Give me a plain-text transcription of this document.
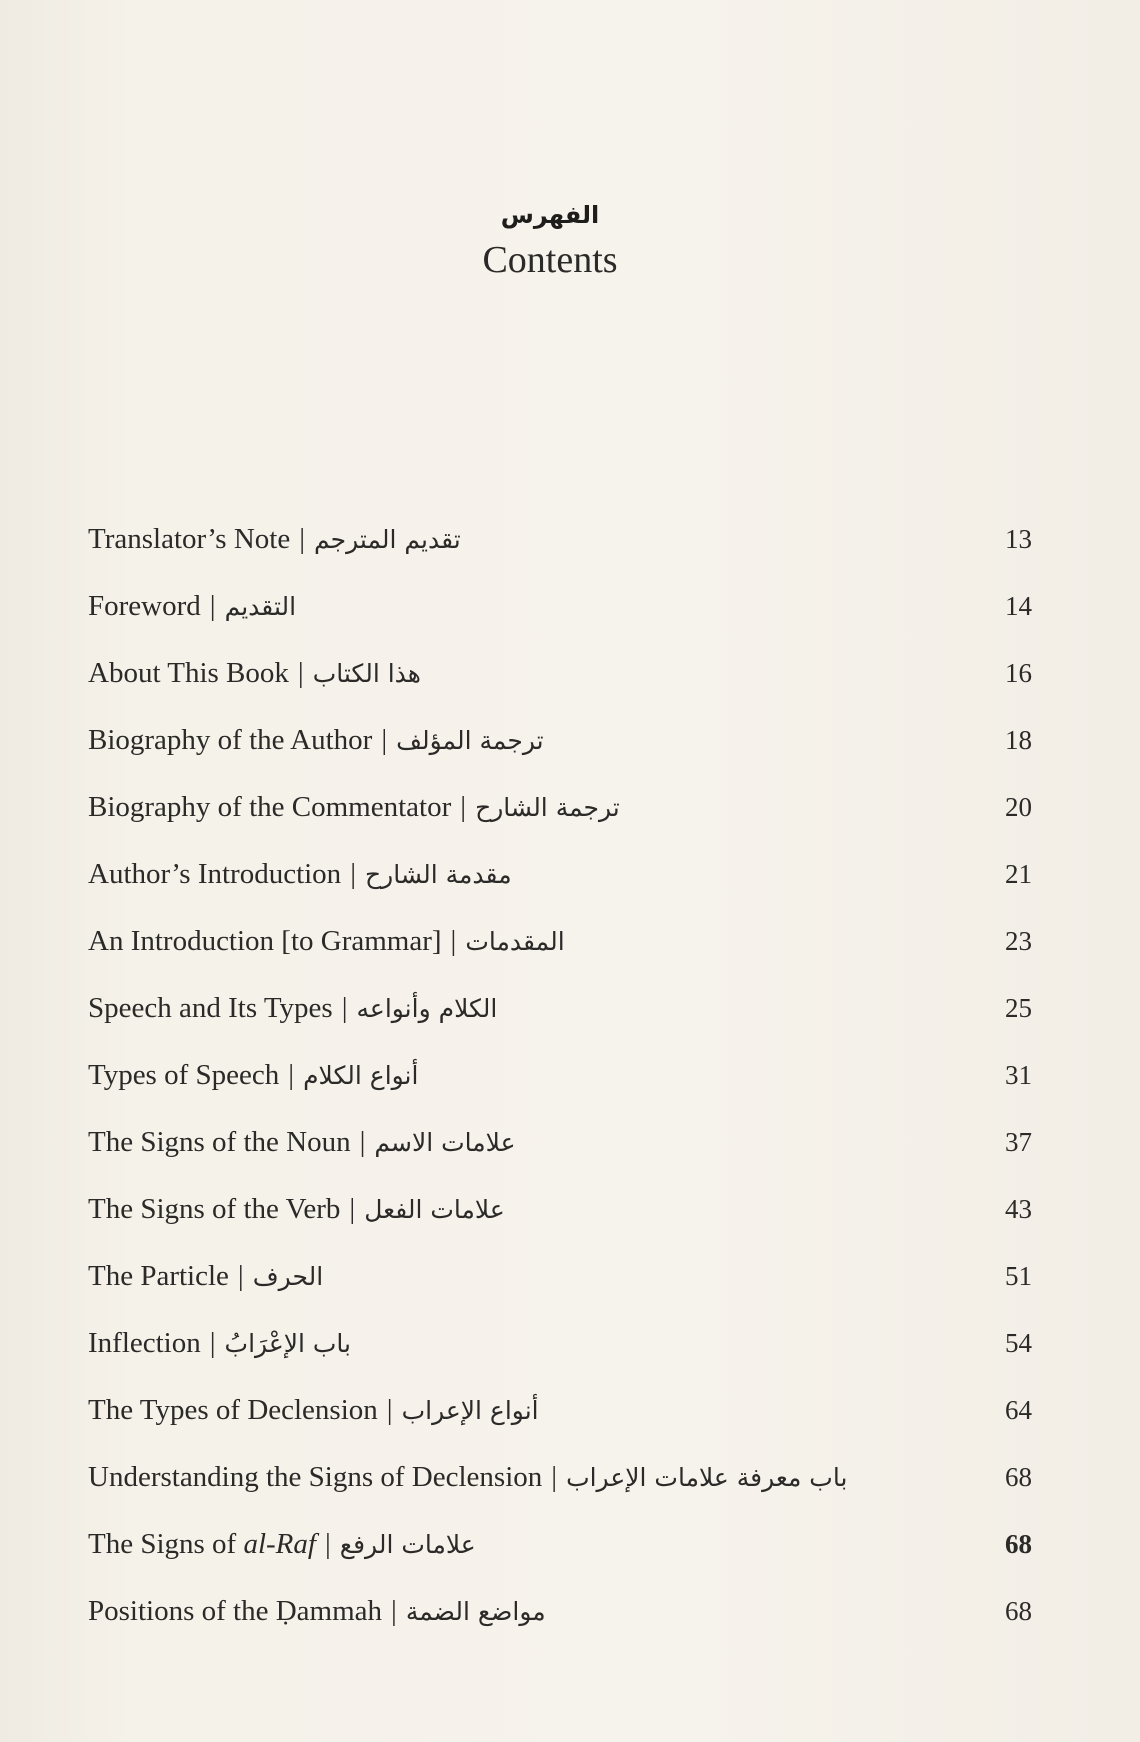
الفهرس
Contents
Translator’s Note | تقديم المترجم	13
Foreword | التقديم	14
About This Book | هذا الكتاب	16
Biography of the Author | ترجمة المؤلف	18
Biography of the Commentator | ترجمة الشارح	20
Author’s Introduction | مقدمة الشارح	21
An Introduction [to Grammar] | المقدمات	23
Speech and Its Types | الكلام وأنواعه	25
Types of Speech | أنواع الكلام	31
The Signs of the Noun | علامات الاسم	37
The Signs of the Verb | علامات الفعل	43
The Particle | الحرف	51
Inflection | باب الإعْرَابُ	54
The Types of Declension | أنواع الإعراب	64
Understanding the Signs of Declension | باب معرفة علامات الإعراب	68
The Signs of al-Raf | علامات الرفع	68
Positions of the Ḍammah | مواضع الضمة	68
